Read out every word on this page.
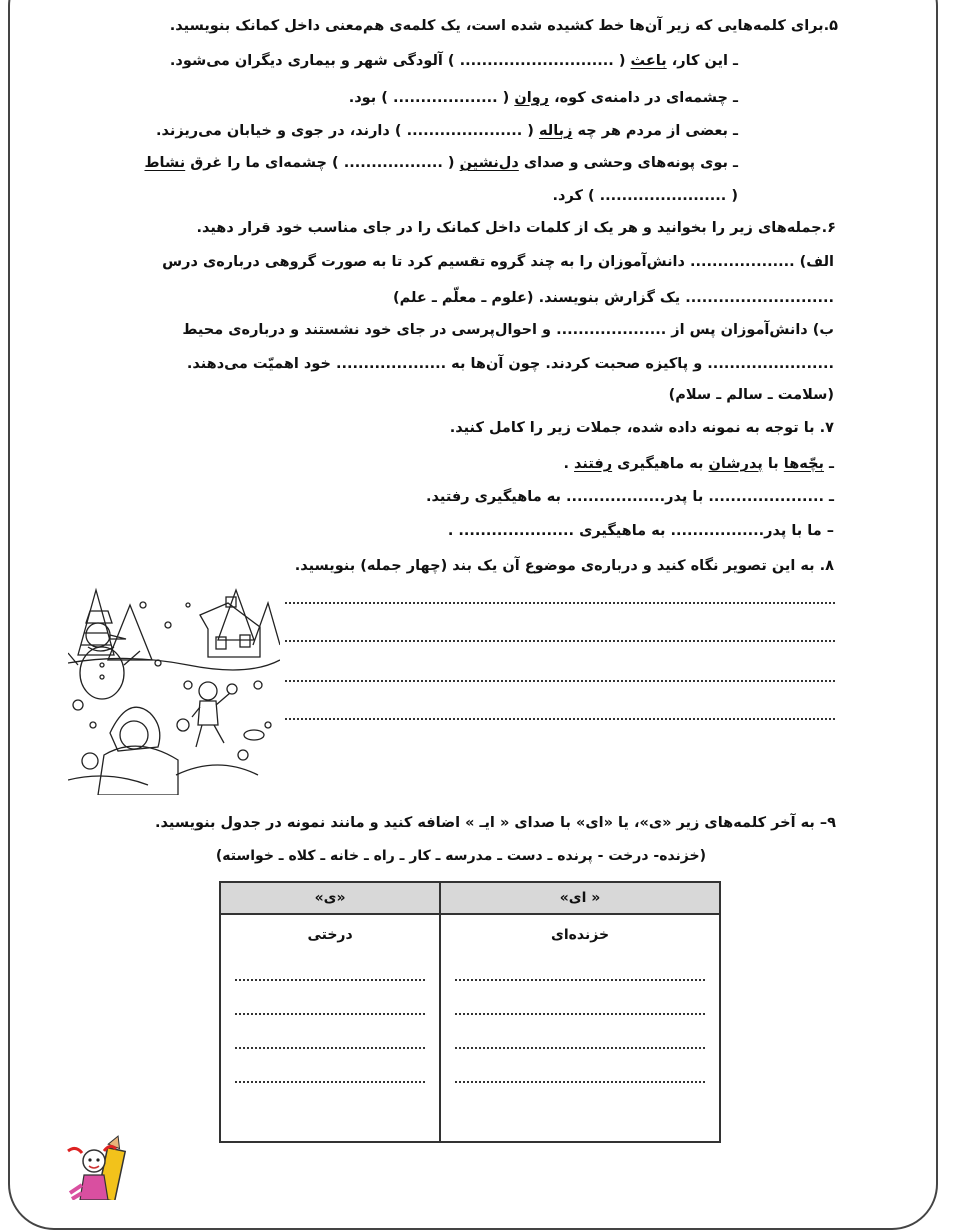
۵.برای کلمه‌هایی که زیر آن‌ها خط کشیده شده است، یک کلمه‌ی هم‌معنی داخل کمانک بنویسید.
ـ این کار، باعث ( ............................ ) آلودگی شهر و بیماری دیگران می‌شود.
ـ چشمه‌ای در دامنه‌ی کوه، روان ( ................... ) بود.
ـ بعضی از مردم هر چه زباله ( ..................... ) دارند، در جوی و خیابان می‌ریزند.
ـ بوی پونه‌های وحشی و صدای دل‌نشین ( .................. ) چشمه‌ای ما را غرق نشاط
( ....................... ) کرد.
۶.جمله‌های زیر را بخوانید و هر یک از کلمات داخل کمانک را در جای مناسب خود قرار دهید.
الف) ................... دانش‌آموزان را به چند گروه تقسیم کرد تا به صورت گروهی درباره‌ی درس
........................... یک گزارش بنویسند. (علوم ـ معلّم ـ علم)
ب) دانش‌آموزان پس از .................... و احوال‌پرسی در جای خود نشستند و درباره‌ی محیط
....................... و پاکیزه صحبت کردند. چون آن‌ها به .................... خود اهمیّت می‌دهند.
(سلامت ـ سالم ـ سلام)
۷. با توجه به نمونه داده شده، جملات زیر را کامل کنید.
ـ بچّه‌ها با پدرشان به ماهیگیری رفتند .
ـ ..................... با پدر.................. به ماهیگیری رفتید.
– ما با پدر................. به ماهیگیری ..................... .
۸. به این تصویر نگاه کنید و درباره‌ی موضوع آن یک بند (چهار جمله) بنویسید.
۹– به آخر کلمه‌های زیر «ی»، یا «ای» با صدای « ایـ » اضافه کنید و مانند نمونه در جدول بنویسید.
(خزنده- درخت - پرنده ـ دست ـ مدرسه ـ کار ـ راه ـ خانه ـ کلاه ـ خواسته)
« ای»	«ی»

خزنده‌ای	درختی
